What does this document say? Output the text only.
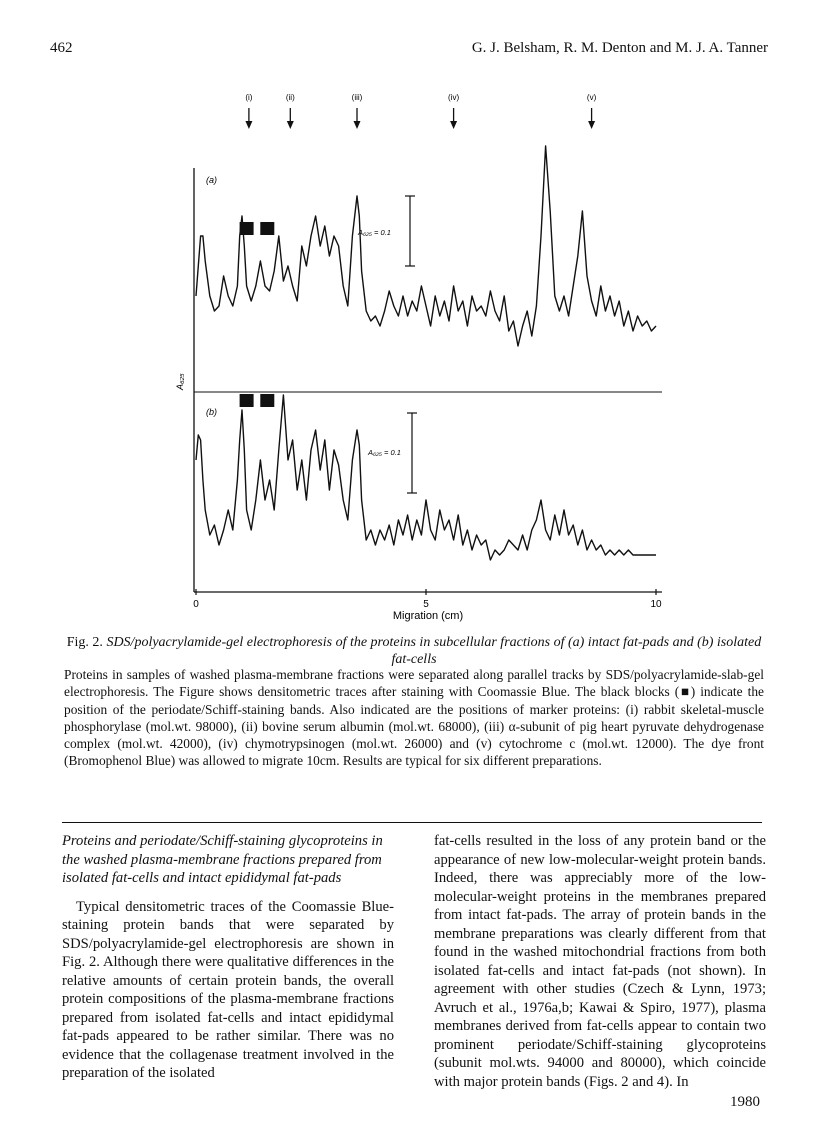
462	G. J. Belsham, R. M. Denton and M. J. A. Tanner
(i)	(ii)	(iii)	(iv)	(v)
0	5	10
(a)
(b)
A₆₂₅
A₆₂₅ = 0.1
A₆₂₅ = 0.1
Migration (cm)
Fig. 2. SDS/polyacrylamide-gel electrophoresis of the proteins in subcellular fractions of (a) intact fat-pads and (b) isolated fat-cells
Proteins in samples of washed plasma-membrane fractions were separated along parallel tracks by SDS/polyacrylamide-slab-gel electrophoresis. The Figure shows densitometric traces after staining with Coomassie Blue. The black blocks (■) indicate the position of the periodate/Schiff-staining bands. Also indicated are the positions of marker proteins: (i) rabbit skeletal-muscle phosphorylase (mol.wt. 98000), (ii) bovine serum albumin (mol.wt. 68000), (iii) α-subunit of pig heart pyruvate dehydrogenase complex (mol.wt. 42000), (iv) chymotrypsinogen (mol.wt. 26000) and (v) cytochrome c (mol.wt. 12000). The dye front (Bromophenol Blue) was allowed to migrate 10cm. Results are typical for six different preparations.

Proteins and periodate/Schiff-staining glycoproteins in the washed plasma-membrane fractions prepared from isolated fat-cells and intact epididymal fat-pads

Typical densitometric traces of the Coomassie Blue-staining protein bands that were separated by SDS/polyacrylamide-gel electrophoresis are shown in Fig. 2. Although there were qualitative differences in the relative amounts of certain protein bands, the overall protein compositions of the plasma-membrane fractions prepared from isolated fat-cells and intact epididymal fat-pads appeared to be rather similar. There was no evidence that the collagenase treatment involved in the preparation of the isolated

fat-cells resulted in the loss of any protein band or the appearance of new low-molecular-weight protein bands. Indeed, there was appreciably more of the low-molecular-weight proteins in the membranes prepared from intact fat-pads. The array of protein bands in the membrane preparations was clearly different from that found in the washed mitochondrial fractions from both isolated fat-cells and intact fat-pads (not shown). In agreement with other studies (Czech & Lynn, 1973; Avruch et al., 1976a,b; Kawai & Spiro, 1977), plasma membranes derived from fat-cells appear to contain two prominent periodate/Schiff-staining glycoproteins (subunit mol.wts. 94000 and 80000), which coincide with major protein bands (Figs. 2 and 4). In

1980
